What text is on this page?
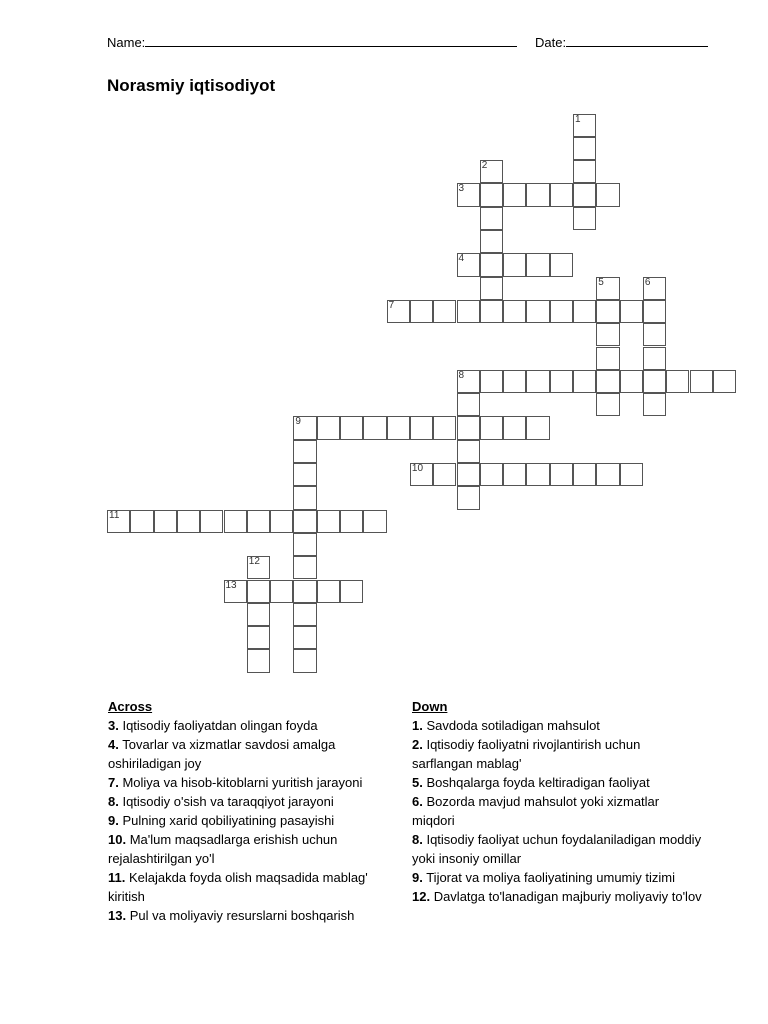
Name:	Date:
Norasmiy iqtisodiyot
1
2
3
4
5	6
7
8
9
10
11
12
13
Across
3. Iqtisodiy faoliyatdan olingan foyda
4. Tovarlar va xizmatlar savdosi amalga oshiriladigan joy
7. Moliya va hisob-kitoblarni yuritish jarayoni
8. Iqtisodiy o'sish va taraqqiyot jarayoni
9. Pulning xarid qobiliyatining pasayishi
10. Ma'lum maqsadlarga erishish uchun rejalashtirilgan yo'l
11. Kelajakda foyda olish maqsadida mablag' kiritish
13. Pul va moliyaviy resurslarni boshqarish
Down
1. Savdoda sotiladigan mahsulot
2. Iqtisodiy faoliyatni rivojlantirish uchun sarflangan mablag'
5. Boshqalarga foyda keltiradigan faoliyat
6. Bozorda mavjud mahsulot yoki xizmatlar miqdori
8. Iqtisodiy faoliyat uchun foydalaniladigan moddiy yoki insoniy omillar
9. Tijorat va moliya faoliyatining umumiy tizimi
12. Davlatga to'lanadigan majburiy moliyaviy to'lov
